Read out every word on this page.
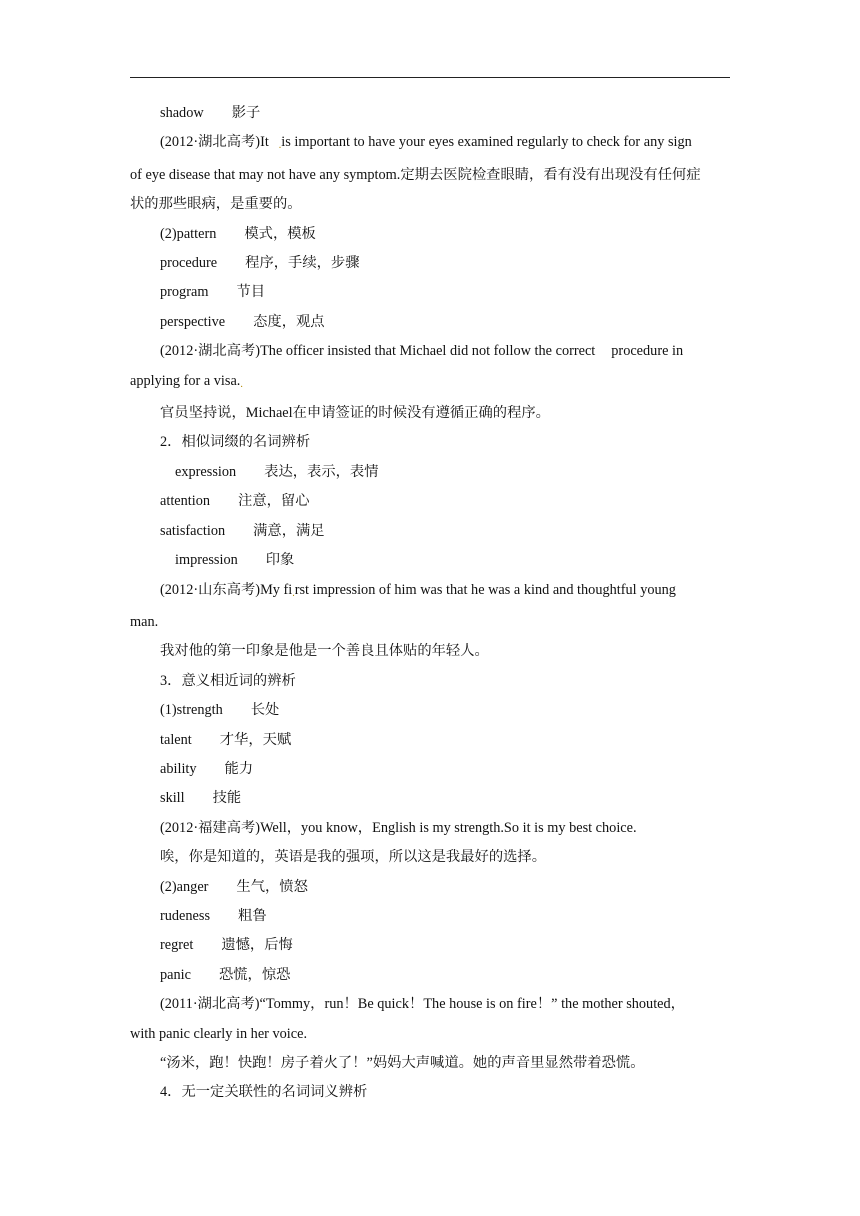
shadow 影子

(2012·湖北高考)It .is important to have your eyes examined regularly to check for any sign

of eye disease that may not have any symptom.定期去医院检查眼睛，看有没有出现没有任何症

状的那些眼病，是重要的。

(2)pattern 模式，模板

procedure 程序，手续，步骤

program 节目

perspective 态度，观点

(2012·湖北高考)The officer insisted that Michael did not follow the correct procedure in

applying for a visa..

官员坚持说，Michael在申请签证的时候没有遵循正确的程序。

2．相似词缀的名词辨析

expression 表达，表示，表情

attention 注意，留心

satisfaction 满意，满足

impression 印象

(2012·山东高考)My fi.rst impression of him was that he was a kind and thoughtful young

man.

我对他的第一印象是他是一个善良且体贴的年轻人。

3．意义相近词的辨析

(1)strength 长处

talent 才华，天赋

ability 能力

skill 技能

(2012·福建高考)Well，you know，English is my strength.So it is my best choice.

唉，你是知道的，英语是我的强项，所以这是我最好的选择。

(2)anger 生气，愤怒

rudeness 粗鲁

regret 遗憾，后悔

panic 恐慌，惊恐

(2011·湖北高考)“Tommy，run！Be quick！The house is on fire！” the mother shouted，

with panic clearly in her voice.

“汤米，跑！快跑！房子着火了！”妈妈大声喊道。她的声音里显然带着恐慌。

4．无一定关联性的名词词义辨析
